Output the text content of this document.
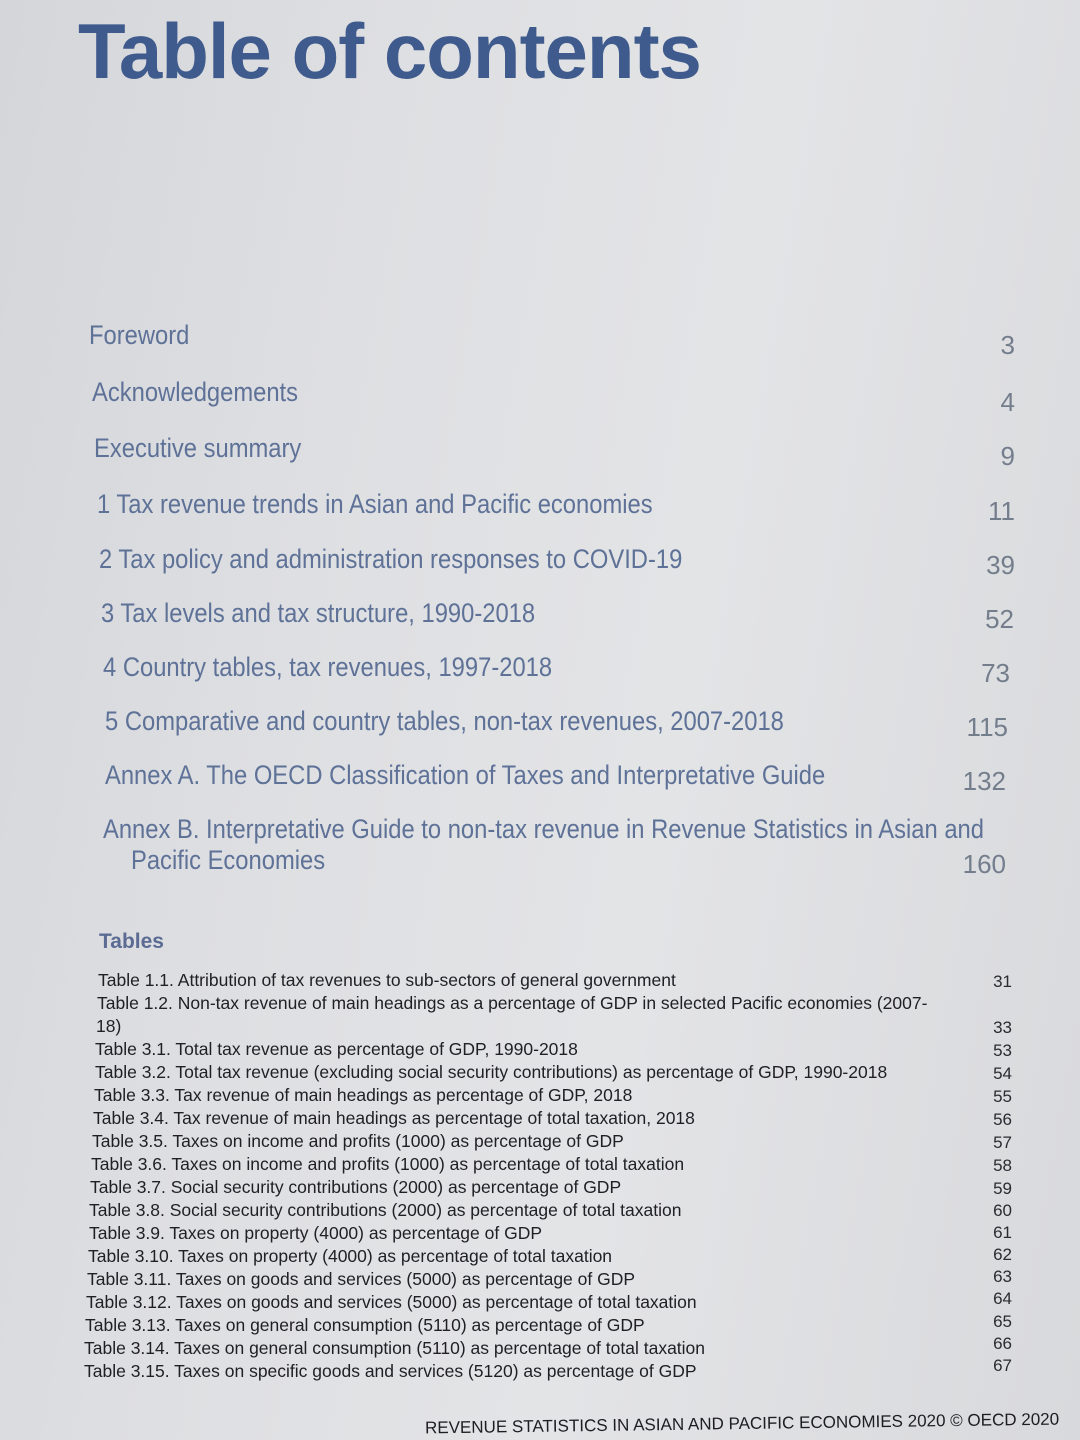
Table of contents
Foreword	3
Acknowledgements	4
Executive summary	9
1 Tax revenue trends in Asian and Pacific economies	11
2 Tax policy and administration responses to COVID-19	39
3 Tax levels and tax structure, 1990-2018	52
4 Country tables, tax revenues, 1997-2018	73
5 Comparative and country tables, non-tax revenues, 2007-2018	115
Annex A. The OECD Classification of Taxes and Interpretative Guide	132
Annex B. Interpretative Guide to non-tax revenue in Revenue Statistics in Asian and
Pacific Economies	160
Tables
Table 1.1. Attribution of tax revenues to sub-sectors of general government	31
Table 1.2. Non-tax revenue of main headings as a percentage of GDP in selected Pacific economies (2007-
18)	33
Table 3.1. Total tax revenue as percentage of GDP, 1990-2018	53
Table 3.2. Total tax revenue (excluding social security contributions) as percentage of GDP, 1990-2018	54
Table 3.3. Tax revenue of main headings as percentage of GDP, 2018	55
Table 3.4. Tax revenue of main headings as percentage of total taxation, 2018	56
Table 3.5. Taxes on income and profits (1000) as percentage of GDP	57
Table 3.6. Taxes on income and profits (1000) as percentage of total taxation	58
Table 3.7. Social security contributions (2000) as percentage of GDP	59
Table 3.8. Social security contributions (2000) as percentage of total taxation	60
Table 3.9. Taxes on property (4000) as percentage of GDP	61
Table 3.10. Taxes on property (4000) as percentage of total taxation	62
Table 3.11. Taxes on goods and services (5000) as percentage of GDP	63
Table 3.12. Taxes on goods and services (5000) as percentage of total taxation	64
Table 3.13. Taxes on general consumption (5110) as percentage of GDP	65
Table 3.14. Taxes on general consumption (5110) as percentage of total taxation	66
Table 3.15. Taxes on specific goods and services (5120) as percentage of GDP	67
REVENUE STATISTICS IN ASIAN AND PACIFIC ECONOMIES 2020 © OECD 2020
